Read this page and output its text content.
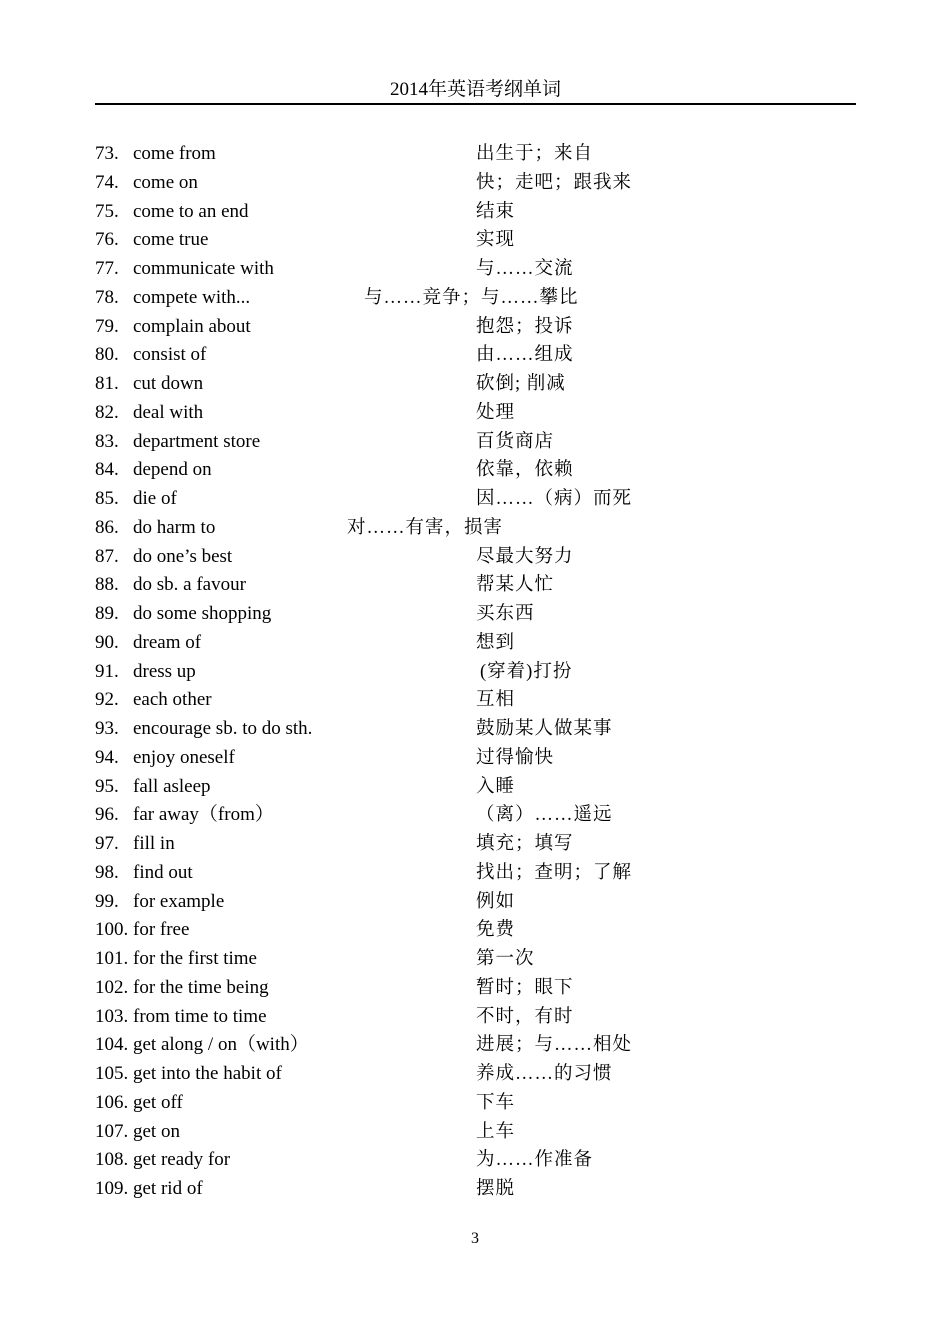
2014年英语考纲单词
73. come from	出生于；来自
74. come on	快；走吧；跟我来
75. come to an end	结束
76. come true	实现
77. communicate with	与……交流
78. compete with...	与……竞争；与……攀比
79. complain about	抱怨；投诉
80. consist of	由……组成
81. cut down	砍倒; 削减
82. deal with	处理
83. department store	百货商店
84. depend on	依靠，依赖
85. die of	因……（病）而死
86. do harm to	对……有害，损害
87. do one’s best	尽最大努力
88. do sb. a favour	帮某人忙
89. do some shopping	买东西
90. dream of	想到
91. dress up	(穿着)打扮
92. each other	互相
93. encourage sb. to do sth.	鼓励某人做某事
94. enjoy oneself	过得愉快
95. fall asleep	入睡
96. far away（from）	（离）……遥远
97. fill in	填充；填写
98. find out	找出；查明；了解
99. for example	例如
100. for free	免费
101. for the first time	第一次
102. for the time being	暂时；眼下
103. from time to time	不时，有时
104. get along / on（with）	进展；与……相处
105. get into the habit of	养成……的习惯
106. get off	下车
107. get on	上车
108. get ready for	为……作准备
109. get rid of	摆脱
3
